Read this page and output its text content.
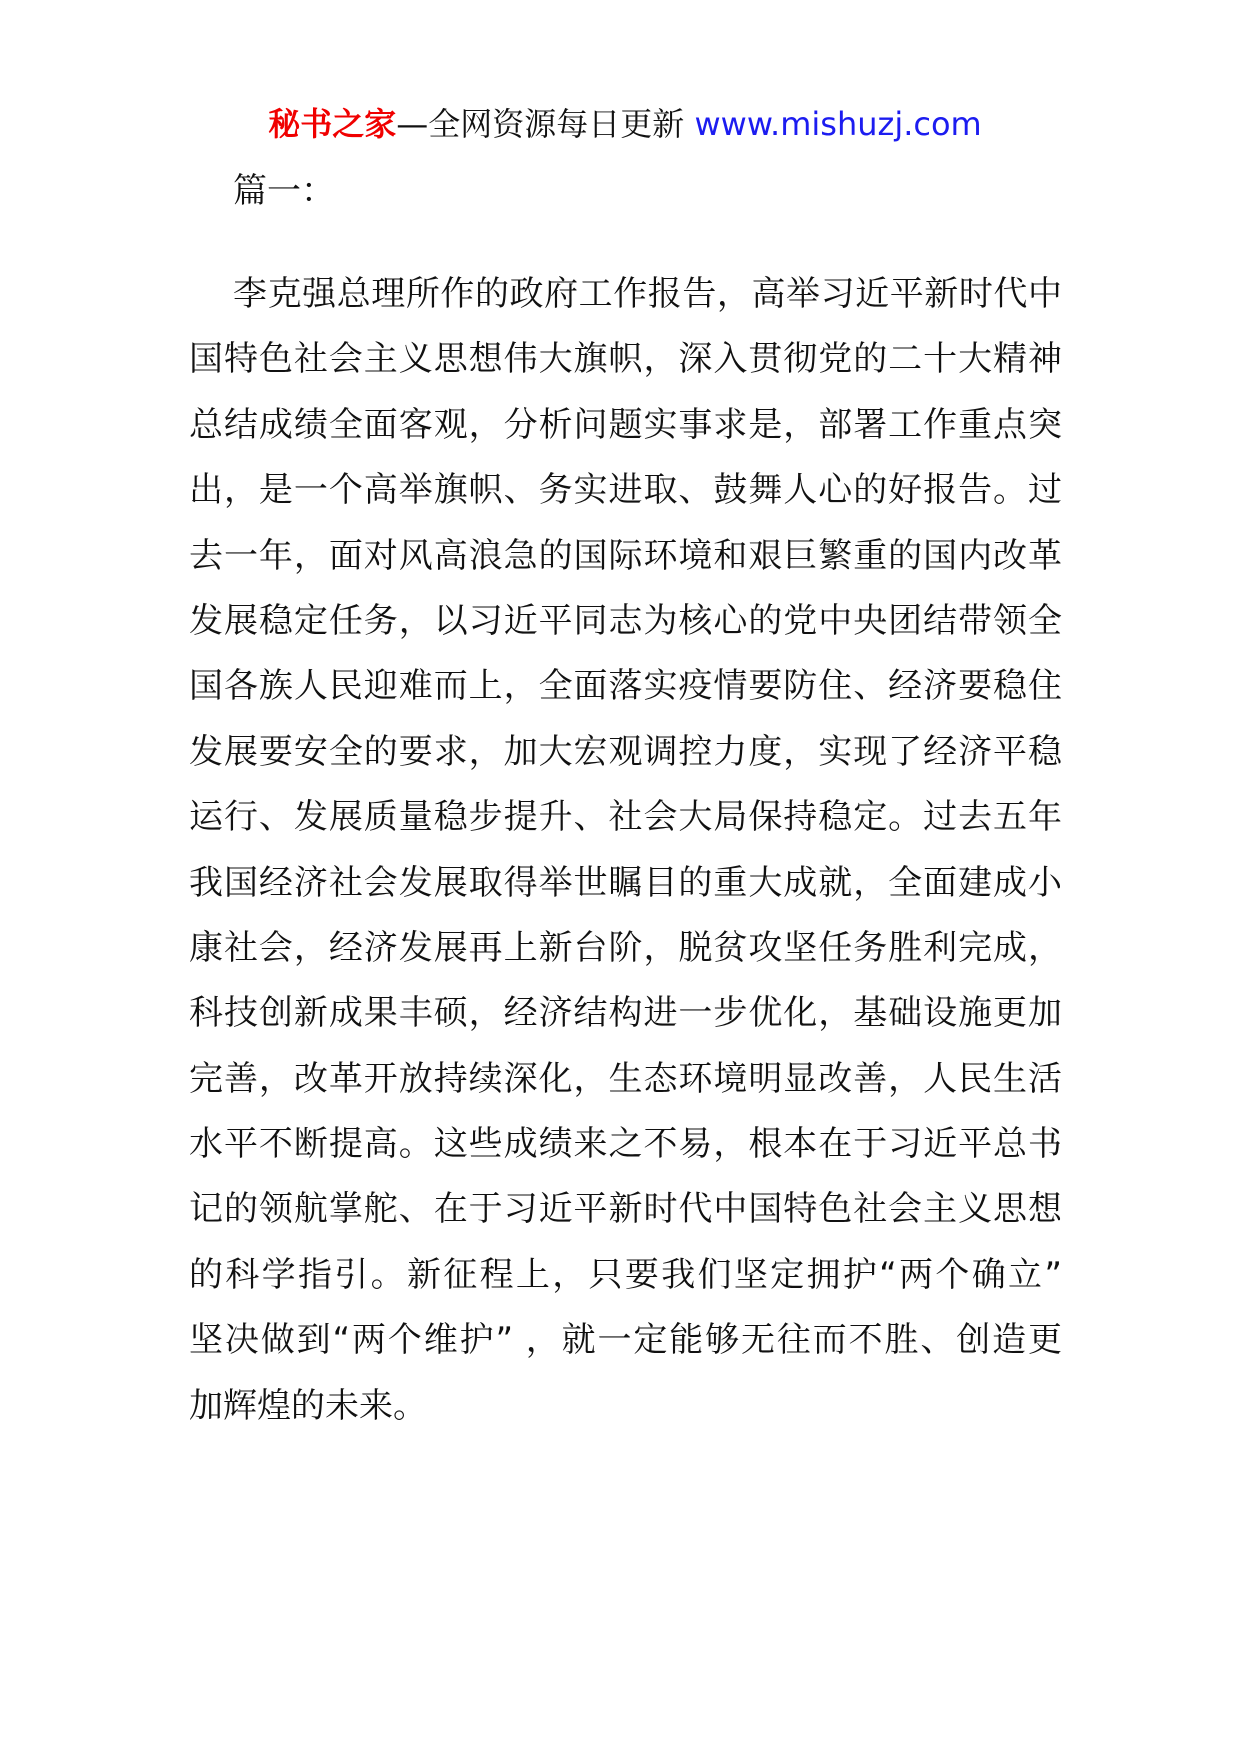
秘书之家—全网资源每日更新 www.mishuzj.com
篇一：
李克强总理所作的政府工作报告，高举习近平新时代中
国特色社会主义思想伟大旗帜，深入贯彻党的二十大精神
总结成绩全面客观，分析问题实事求是，部署工作重点突
出，是一个高举旗帜、务实进取、鼓舞人心的好报告。过
去一年，面对风高浪急的国际环境和艰巨繁重的国内改革
发展稳定任务，以习近平同志为核心的党中央团结带领全
国各族人民迎难而上，全面落实疫情要防住、经济要稳住
发展要安全的要求，加大宏观调控力度，实现了经济平稳
运行、发展质量稳步提升、社会大局保持稳定。过去五年
我国经济社会发展取得举世瞩目的重大成就，全面建成小
康社会，经济发展再上新台阶，脱贫攻坚任务胜利完成，
科技创新成果丰硕，经济结构进一步优化，基础设施更加
完善，改革开放持续深化，生态环境明显改善，人民生活
水平不断提高。这些成绩来之不易，根本在于习近平总书
记的领航掌舵、在于习近平新时代中国特色社会主义思想
的科学指引。新征程上，只要我们坚定拥护“两个确立”
坚决做到“两个维护” ，就一定能够无往而不胜、创造更
加辉煌的未来。
